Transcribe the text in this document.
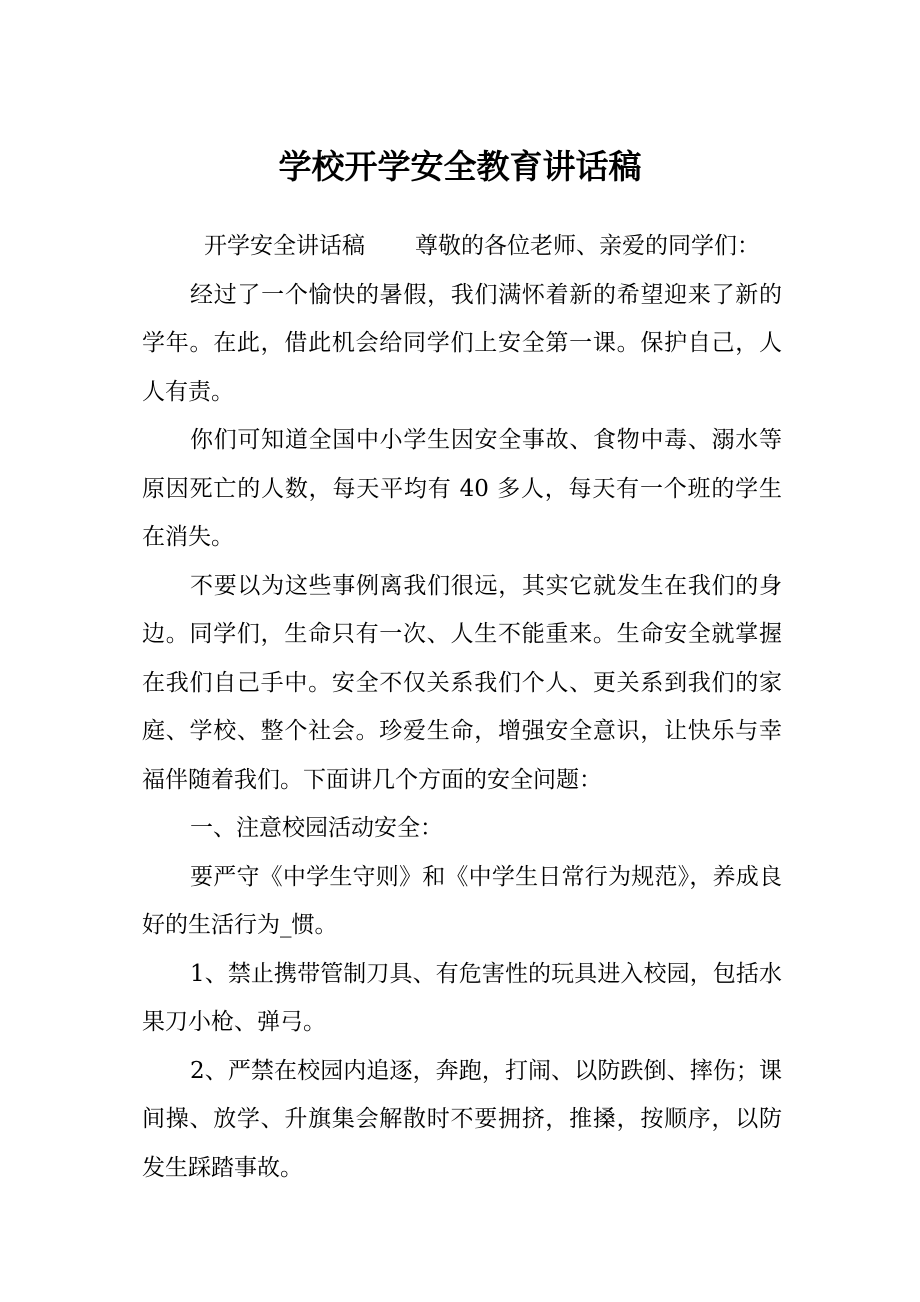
学校开学安全教育讲话稿

开学安全讲话稿 尊敬的各位老师、亲爱的同学们：

经过了一个愉快的暑假，我们满怀着新的希望迎来了新的学年。在此，借此机会给同学们上安全第一课。保护自己，人人有责。

你们可知道全国中小学生因安全事故、食物中毒、溺水等原因死亡的人数，每天平均有 40 多人，每天有一个班的学生在消失。

不要以为这些事例离我们很远，其实它就发生在我们的身边。同学们，生命只有一次、人生不能重来。生命安全就掌握在我们自己手中。安全不仅关系我们个人、更关系到我们的家庭、学校、整个社会。珍爱生命，增强安全意识，让快乐与幸福伴随着我们。下面讲几个方面的安全问题：

一、注意校园活动安全：

要严守《中学生守则》和《中学生日常行为规范》，养成良好的生活行为_惯。

1、禁止携带管制刀具、有危害性的玩具进入校园，包括水果刀小枪、弹弓。

2、严禁在校园内追逐，奔跑，打闹、以防跌倒、摔伤；课间操、放学、升旗集会解散时不要拥挤，推搡，按顺序，以防发生踩踏事故。
